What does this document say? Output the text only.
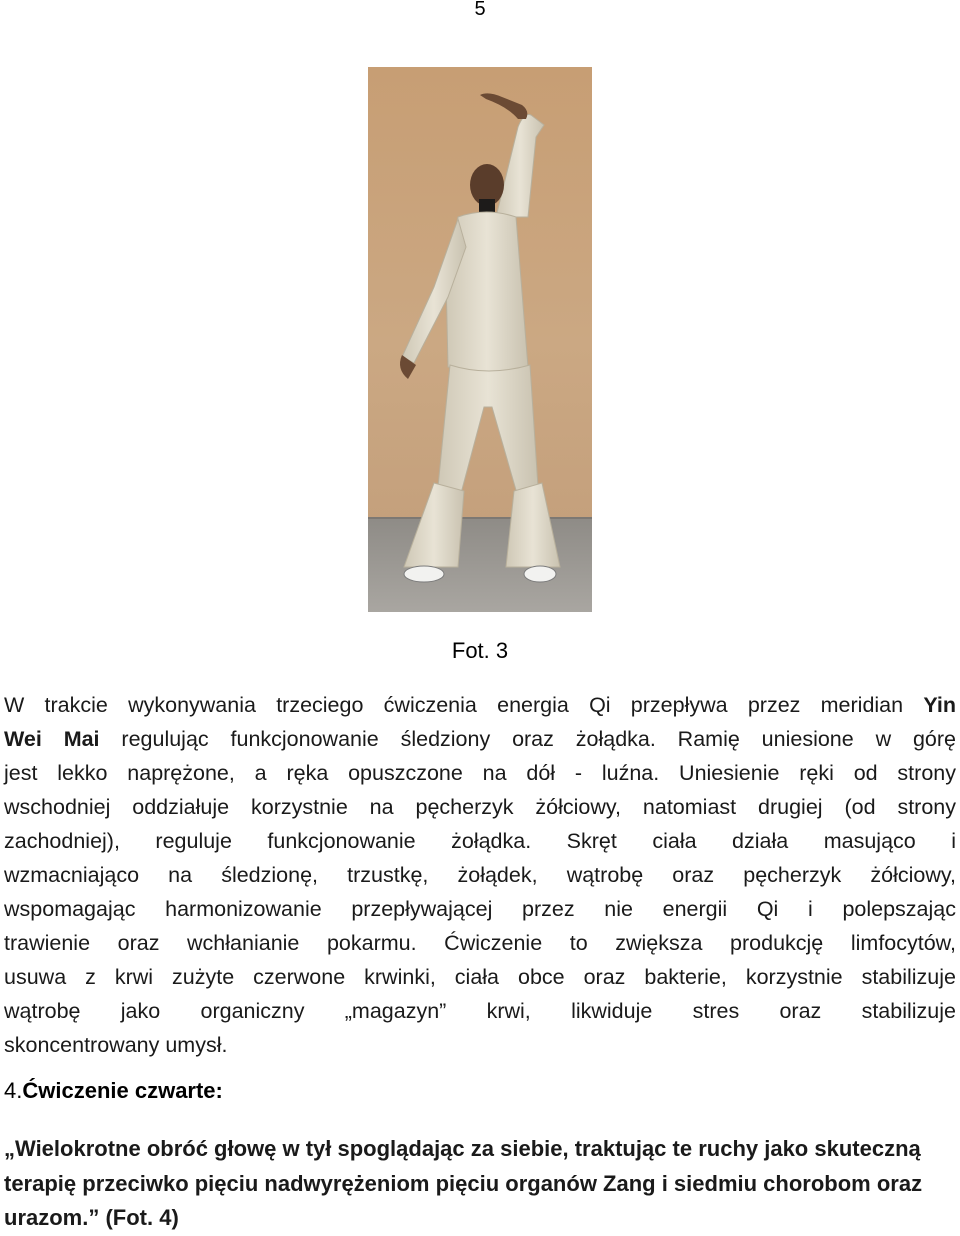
5
Fot. 3

W trakcie wykonywania trzeciego ćwiczenia energia Qi przepływa przez meridian Yin
Wei Mai regulując funkcjonowanie śledziony oraz żołądka. Ramię uniesione w górę
jest lekko naprężone, a ręka opuszczone na dół - luźna. Uniesienie ręki od strony
wschodniej oddziałuje korzystnie na pęcherzyk żółciowy, natomiast drugiej (od strony
zachodniej), reguluje funkcjonowanie żołądka. Skręt ciała działa masująco i
wzmacniająco na śledzionę, trzustkę, żołądek, wątrobę oraz pęcherzyk żółciowy,
wspomagając harmonizowanie przepływającej przez nie energii Qi i polepszając
trawienie oraz wchłanianie pokarmu. Ćwiczenie to zwiększa produkcję limfocytów,
usuwa z krwi zużyte czerwone krwinki, ciała obce oraz bakterie, korzystnie stabilizuje
wątrobę jako organiczny „magazyn” krwi, likwiduje stres oraz stabilizuje
skoncentrowany umysł.

4.Ćwiczenie czwarte:

„Wielokrotne obróć głowę w tył spoglądając za siebie, traktując te ruchy jako skuteczną terapię przeciwko pięciu nadwyrężeniom pięciu organów Zang i siedmiu chorobom oraz urazom.” (Fot. 4)
